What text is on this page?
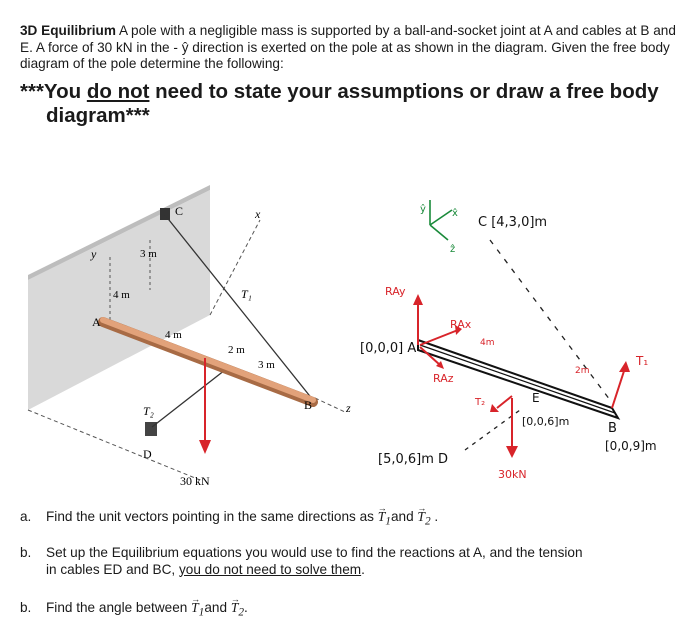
3D Equilibrium A pole with a negligible mass is supported by a ball-and-socket joint at A and cables at B and E. A force of 30 kN in the - ŷ direction is exerted on the pole at as shown in the diagram. Given the free body diagram of the pole determine the following:
***You do not need to state your assumptions or draw a free body
diagram***
C	x
y	3 m
4 m
A
4 m
2 m
3 m
T₁
T₂
D
B	z
30 kN
ŷ	x̂
ẑ
C [4,3,0]m
RAy
RAx
RAz
[0,0,0] A	4m
2m
T₁
T₂
30kN
E
[0,0,6]m	B
[0,0,9]m
[5,0,6]m D
a. Find the unit vectors pointing in the same directions as → $T_1and \to T_2$ .
b. Set up the Equilibrium equations you would use to find the reactions at A, and the tension
in cables ED and BC, you do not need to solve them.
b. Find the angle between → $T_1and \to T_2$.
